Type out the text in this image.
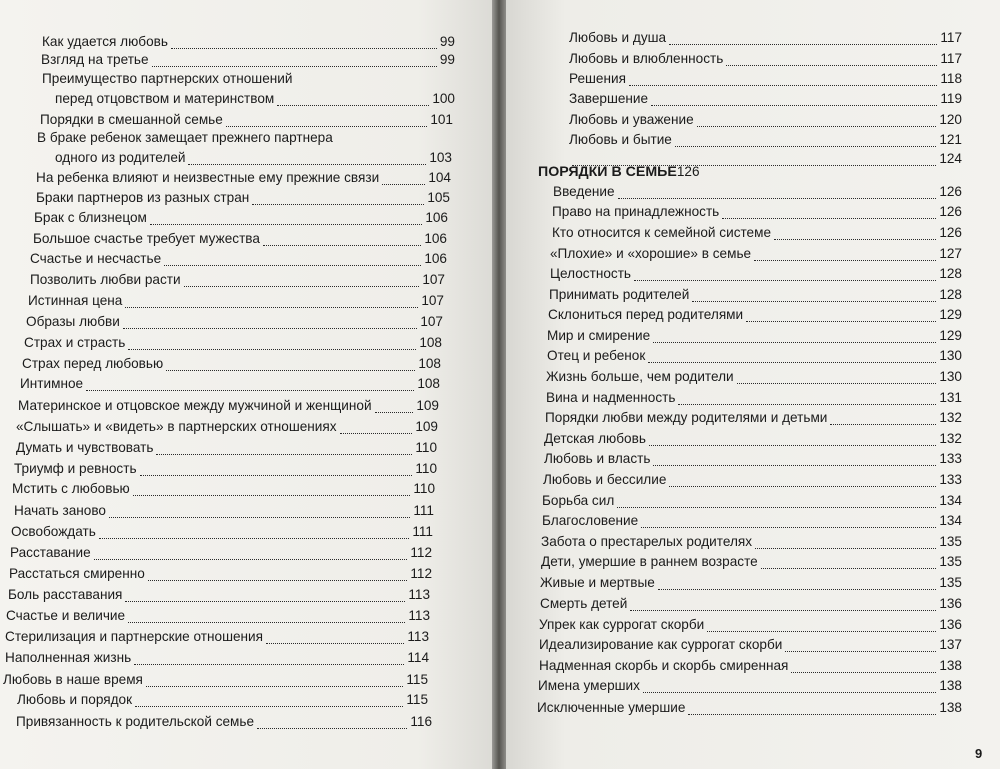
9
Как удается любовь	99
Взгляд на третье	99
Преимущество партнерских отношений
перед отцовством и материнством	100
Порядки в смешанной семье	101
В браке ребенок замещает прежнего партнера
одного из родителей	103
На ребенка влияют и неизвестные ему прежние связи	104
Браки партнеров из разных стран	105
Брак с близнецом	106
Большое счастье требует мужества	106
Счастье и несчастье	106
Позволить любви расти	107
Истинная цена	107
Образы любви	107
Страх и страсть	108
Страх перед любовью	108
Интимное	108
Материнское и отцовское между мужчиной и женщиной	109
«Слышать» и «видеть» в партнерских отношениях	109
Думать и чувствовать	110
Триумф и ревность	110
Мстить с любовью	110
Начать заново	111
Освобождать	111
Расставание	112
Расстаться смиренно	112
Боль расставания	113
Счастье и величие	113
Стерилизация и партнерские отношения	113
Наполненная жизнь	114
Любовь в наше время	115
Любовь и порядок	115
Привязанность к родительской семье	116
Любовь и душа	117
Любовь и влюбленность	117
Решения	118
Завершение	119
Любовь и уважение	120
Любовь и бытие	121
124
ПОРЯДКИ В СЕМЬЕ126
Введение	126
Право на принадлежность	126
Кто относится к семейной системе	126
«Плохие» и «хорошие» в семье	127
Целостность	128
Принимать родителей	128
Склониться перед родителями	129
Мир и смирение	129
Отец и ребенок	130
Жизнь больше, чем родители	130
Вина и надменность	131
Порядки любви между родителями и детьми	132
Детская любовь	132
Любовь и власть	133
Любовь и бессилие	133
Борьба сил	134
Благословение	134
Забота о престарелых родителях	135
Дети, умершие в раннем возрасте	135
Живые и мертвые	135
Смерть детей	136
Упрек как суррогат скорби	136
Идеализирование как суррогат скорби	137
Надменная скорбь и скорбь смиренная	138
Имена умерших	138
Исключенные умершие	138
